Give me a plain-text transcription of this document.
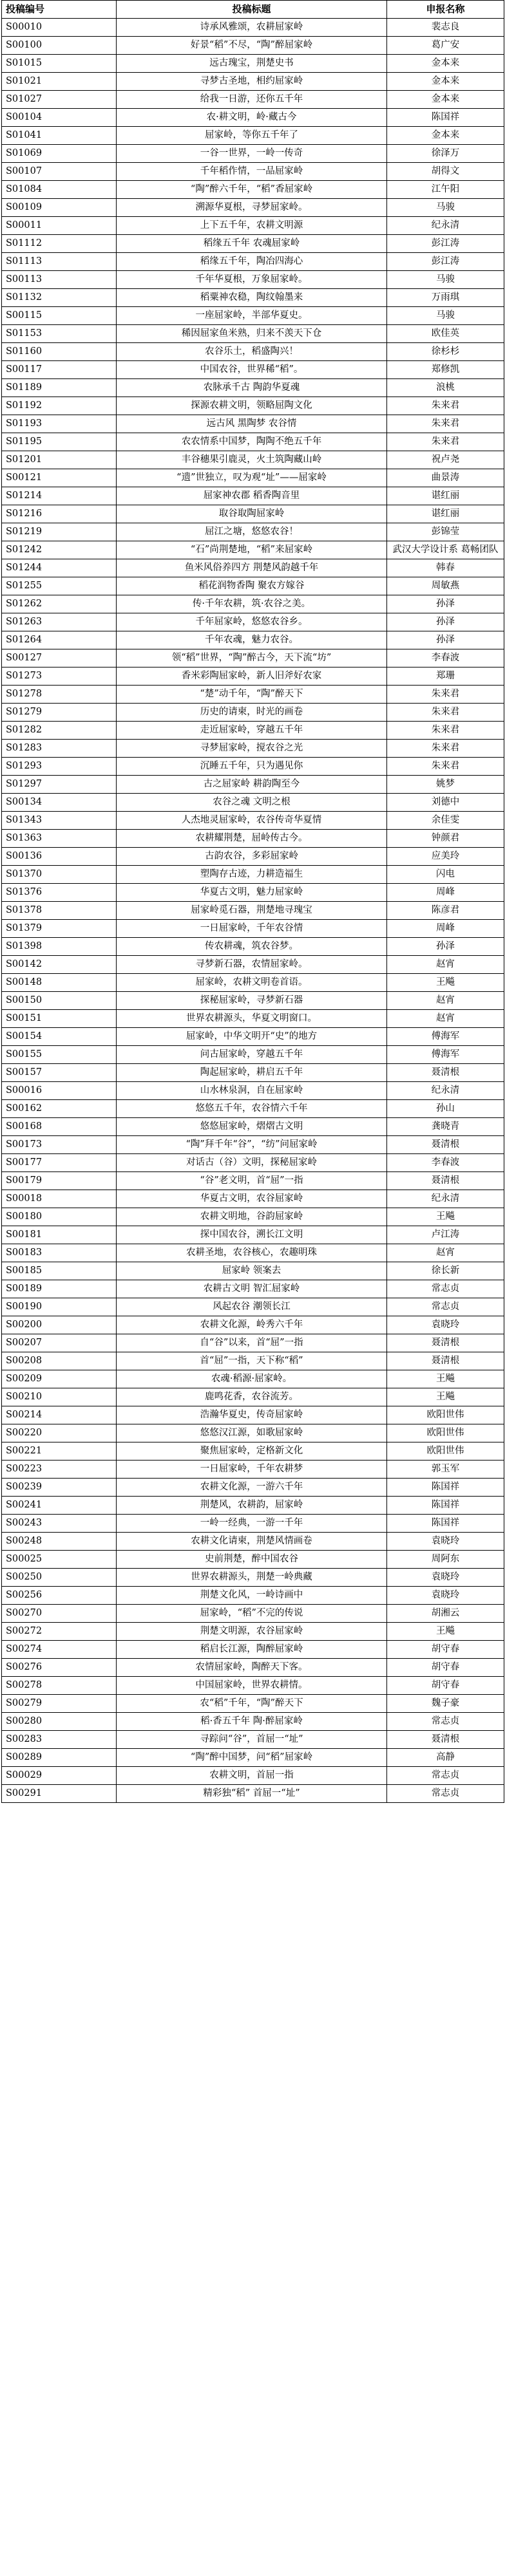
投稿编号	投稿标题	申报名称
S00010	诗承风雅颂，农耕屈家岭	裴志良
S00100	好景“稻”不尽，“陶”醉屈家岭	葛广安
S01015	远古瑰宝，荆楚史书	金本来
S01021	寻梦古圣地，相约屈家岭	金本来
S01027	给我一日游，还你五千年	金本来
S00104	农·耕文明，岭·藏古今	陈国祥
S01041	屈家岭，等你五千年了	金本来
S01069	一谷一世界，一岭一传奇	徐泽万
S00107	千年稻作情，一品屈家岭	胡得文
S01084	“陶”醉六千年，“稻”香屈家岭	江午阳
S00109	溯源华夏根，寻梦屈家岭。	马骏
S00011	上下五千年，农耕文明源	纪永清
S01112	稻缘五千年 农魂屈家岭	彭江涛
S01113	稻缘五千年，陶冶四海心	彭江涛
S00113	千年华夏根，万象屈家岭。	马骏
S01132	稻粟神农稳，陶纹翰墨来	万雨琪
S00115	一座屈家岭，半部华夏史。	马骏
S01153	稀因屈家鱼米熟，归来不羡天下仓	欧佳英
S01160	农谷乐土，稻盛陶兴！	徐杉杉
S00117	中国农谷，世界稀“稻”。	郑修凯
S01189	农脉承千古 陶韵华夏魂	浪桃
S01192	探源农耕文明，领略屈陶文化	朱来君
S01193	远古风 黑陶梦 农谷情	朱来君
S01195	农农情系中国梦，陶陶不绝五千年	朱来君
S01201	丰谷穗果引鹿灵，火土筑陶藏山岭	祝卢尧
S00121	“遗”世独立，叹为观“址”——屈家岭	曲景涛
S01214	屈家神农郡 稻香陶音里	谌红丽
S01216	取谷取陶屈家岭	谌红丽
S01219	屈江之塘，悠悠农谷！	彭锦莹
S01242	“石”尚荆楚地，“稻”来屈家岭	武汉大学设计系 葛畅团队
S01244	鱼米风俗养四方 荆楚风韵越千年	韩春
S01255	稻花润物香陶 聚农方嫁谷	周敏燕
S01262	传·千年农耕，筑·农谷之美。	孙泽
S01263	千年屈家岭，悠悠农谷乡。	孙泽
S01264	千年农魂，魅力农谷。	孙泽
S00127	领“稻”世界，“陶”醉古今，天下流“坊”	李春波
S01273	香米彩陶屈家岭，新人旧斧好农家	郑珊
S01278	“楚”动千年，“陶”醉天下	朱来君
S01279	历史的请柬，时光的画卷	朱来君
S01282	走近屈家岭，穿越五千年	朱来君
S01283	寻梦屈家岭，搅农谷之光	朱来君
S01293	沉睡五千年，只为遇见你	朱来君
S01297	古之屈家岭 耕韵陶至今	姚梦
S00134	农谷之魂 文明之根	刘德中
S01343	人杰地灵屈家岭，农谷传奇华夏情	余佳雯
S01363	农耕耀荆楚，屈岭传古今。	钟颜君
S00136	古韵农谷，多彩屈家岭	应美玲
S01370	塑陶存古迹，力耕造福生	闪电
S01376	华夏古文明，魅力屈家岭	周峰
S01378	屈家岭觅石器，荆楚地寻瑰宝	陈彦君
S01379	一日屈家岭，千年农谷情	周峰
S01398	传农耕魂，筑农谷梦。	孙泽
S00142	寻梦新石器，农情屈家岭。	赵宵
S00148	屈家岭，农耕文明卷首语。	王飚
S00150	探秘屈家岭，寻梦新石器	赵宵
S00151	世界农耕源头，华夏文明窗口。	赵宵
S00154	屈家岭，中华文明开“史”的地方	傅海军
S00155	问古屈家岭，穿越五千年	傅海军
S00157	陶起屈家岭，耕启五千年	聂清根
S00016	山水林泉洞，自在屈家岭	纪永清
S00162	悠悠五千年，农谷情六千年	孙山
S00168	悠悠屈家岭，熠熠古文明	龚晓青
S00173	“陶”拜千年“谷”，“纺”问屈家岭	聂清根
S00177	对话古（谷）文明，探秘屈家岭	李春波
S00179	“谷”老文明，首“屈”一指	聂清根
S00018	华夏古文明，农谷屈家岭	纪永清
S00180	农耕文明地，谷韵屈家岭	王飚
S00181	探中国农谷，溯长江文明	卢江涛
S00183	农耕圣地，农谷核心，农趣明珠	赵宵
S00185	屈家岭 领案去	徐长新
S00189	农耕古文明 智汇屈家岭	常志贞
S00190	风起农谷 潮领长江	常志贞
S00200	农耕文化源，岭秀六千年	袁晓玲
S00207	自“谷”以来，首“屈”一指	聂清根
S00208	首“屈”一指，天下称“稻”	聂清根
S00209	农魂·稻源·屈家岭。	王飚
S00210	鹿鸣花香，农谷流芳。	王飚
S00214	浩瀚华夏史，传奇屈家岭	欧阳世伟
S00220	悠悠汉江源，如歌屈家岭	欧阳世伟
S00221	聚焦屈家岭，定格新文化	欧阳世伟
S00223	一日屈家岭，千年农耕梦	郭玉军
S00239	农耕文化源，一游六千年	陈国祥
S00241	荆楚风，农耕韵，屈家岭	陈国祥
S00243	一岭一经典，一游一千年	陈国祥
S00248	农耕文化请柬，荆楚风情画卷	袁晓玲
S00025	史前荆楚，醉中国农谷	周阿东
S00250	世界农耕源头，荆楚一岭典藏	袁晓玲
S00256	荆楚文化风，一岭诗画中	袁晓玲
S00270	屈家岭，“稻”不完的传说	胡湘云
S00272	荆楚文明源，农谷屈家岭	王飚
S00274	稻启长江源，陶醉屈家岭	胡守春
S00276	农情屈家岭，陶醉天下客。	胡守春
S00278	中国屈家岭，世界农耕情。	胡守春
S00279	农“稻”千年，“陶”醉天下	魏子豪
S00280	稻·香五千年 陶·醉屈家岭	常志贞
S00283	寻踪问“谷”，首屈一“址”	聂清根
S00289	“陶”醉中国梦，问“稻”屈家岭	高静
S00029	农耕文明，首屈一指	常志贞
S00291	精彩独“稻” 首屈一“址”	常志贞
